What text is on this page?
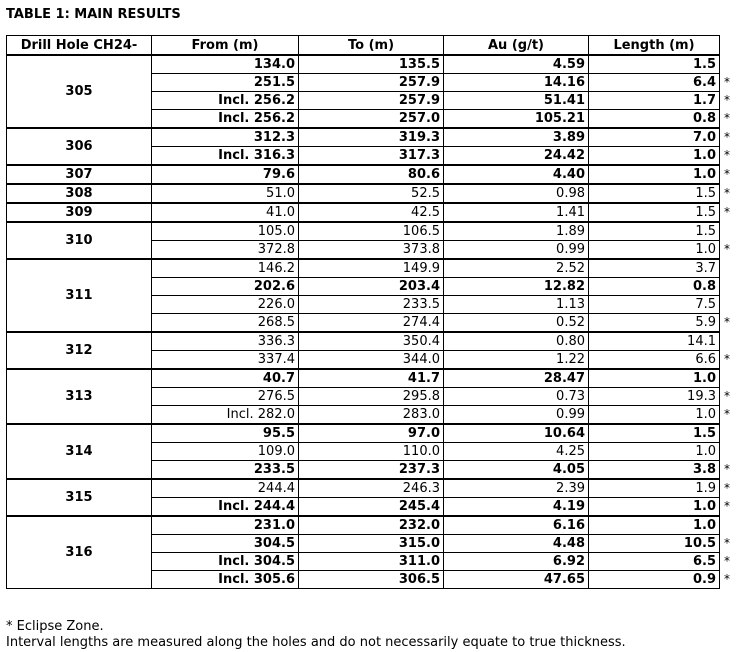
TABLE 1: MAIN RESULTS
Drill Hole CH24-	From (m)	To (m)	Au (g/t)	Length (m)	
305	134.0	135.5	4.59	1.5	
	251.5	257.9	14.16	6.4	*
	Incl. 256.2	257.9	51.41	1.7	*
	Incl. 256.2	257.0	105.21	0.8	*
306	312.3	319.3	3.89	7.0	*
	Incl. 316.3	317.3	24.42	1.0	*
307	79.6	80.6	4.40	1.0	*
308	51.0	52.5	0.98	1.5	*
309	41.0	42.5	1.41	1.5	*
310	105.0	106.5	1.89	1.5	
	372.8	373.8	0.99	1.0	*
311	146.2	149.9	2.52	3.7	
	202.6	203.4	12.82	0.8	
	226.0	233.5	1.13	7.5	
	268.5	274.4	0.52	5.9	*
312	336.3	350.4	0.80	14.1	
	337.4	344.0	1.22	6.6	*
313	40.7	41.7	28.47	1.0	
	276.5	295.8	0.73	19.3	*
	Incl. 282.0	283.0	0.99	1.0	*
314	95.5	97.0	10.64	1.5	
	109.0	110.0	4.25	1.0	
	233.5	237.3	4.05	3.8	*
315	244.4	246.3	2.39	1.9	*
	Incl. 244.4	245.4	4.19	1.0	*
316	231.0	232.0	6.16	1.0	
	304.5	315.0	4.48	10.5	*
	Incl. 304.5	311.0	6.92	6.5	*
	Incl. 305.6	306.5	47.65	0.9	*
* Eclipse Zone.
Interval lengths are measured along the holes and do not necessarily equate to true thickness.
